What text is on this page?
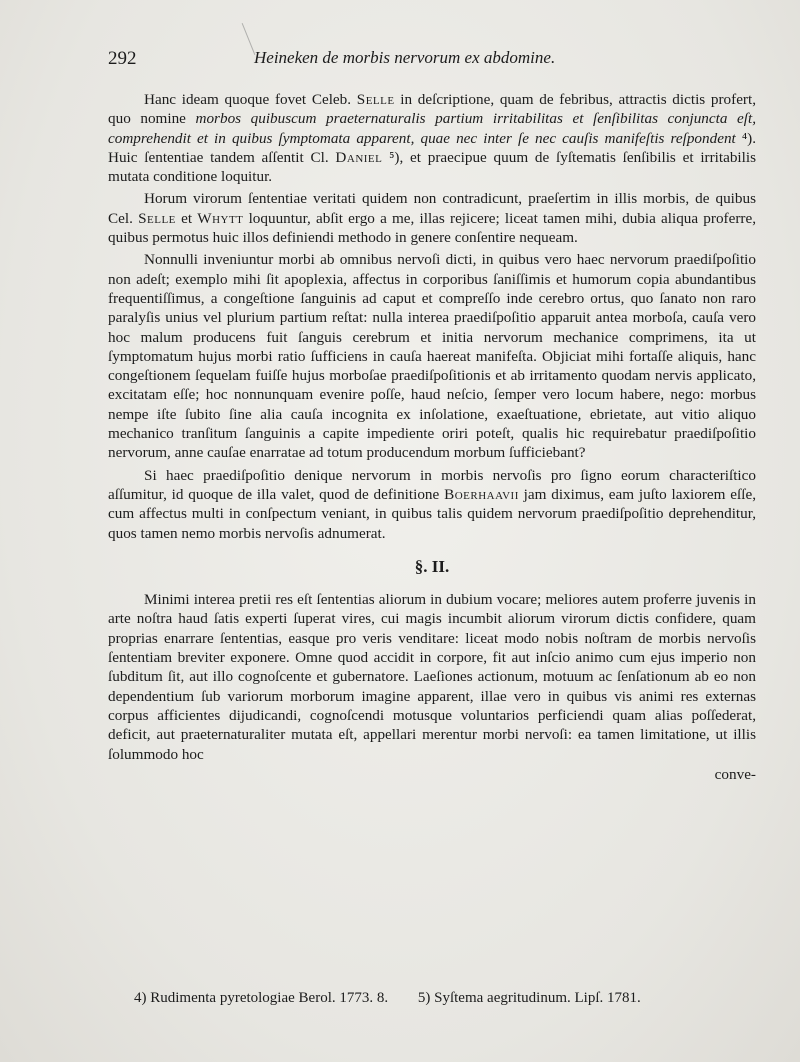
292	Heineken de morbis nervorum ex abdomine.

Hanc ideam quoque fovet Celeb. Selle in deſcriptione, quam de febribus, attractis dictis profert, quo nomine morbos quibuscum praeternaturalis partium irritabilitas et ſenſibilitas conjuncta eſt, comprehendit et in quibus ſymptomata apparent, quae nec inter ſe nec cauſis manifeſtis reſpondent ⁴). Huic ſententiae tandem aſſentit Cl. Daniel ⁵), et praecipue quum de ſyſtematis ſenſibilis et irritabilis mutata conditione loquitur.

Horum virorum ſententiae veritati quidem non contradicunt, praeſertim in illis morbis, de quibus Cel. Selle et Whytt loquuntur, abſit ergo a me, illas rejicere; liceat tamen mihi, dubia aliqua proferre, quibus permotus huic illos definiendi methodo in genere conſentire nequeam.

Nonnulli inveniuntur morbi ab omnibus nervoſi dicti, in quibus vero haec nervorum praediſpoſitio non adeſt; exemplo mihi ſit apoplexia, affectus in corporibus ſaniſſimis et humorum copia abundantibus frequentiſſimus, a congeſtione ſanguinis ad caput et compreſſo inde cerebro ortus, quo ſanato non raro paralyſis unius vel plurium partium reſtat: nulla interea praediſpoſitio apparuit antea morboſa, cauſa vero hoc malum producens fuit ſanguis cerebrum et initia nervorum mechanice comprimens, ita ut ſymptomatum hujus morbi ratio ſufficiens in cauſa haereat manifeſta. Objiciat mihi fortaſſe aliquis, hanc congeſtionem ſequelam fuiſſe hujus morboſae praediſpoſitionis et ab irritamento quodam nervis applicato, excitatam eſſe; hoc nonnunquam evenire poſſe, haud neſcio, ſemper vero locum habere, nego: morbus nempe iſte ſubito ſine alia cauſa incognita ex inſolatione, exaeſtuatione, ebrietate, aut vitio aliquo mechanico tranſitum ſanguinis a capite impediente oriri poteſt, qualis hic requirebatur praediſpoſitio nervorum, anne cauſae enarratae ad totum producendum morbum ſufficiebant?

Si haec praediſpoſitio denique nervorum in morbis nervoſis pro ſigno eorum characteriſtico aſſumitur, id quoque de illa valet, quod de definitione Boerhaavii jam diximus, eam juſto laxiorem eſſe, cum affectus multi in conſpectum veniant, in quibus talis quidem nervorum praediſpoſitio deprehenditur, quos tamen nemo morbis nervoſis adnumerat.

§. II.

Minimi interea pretii res eſt ſententias aliorum in dubium vocare; meliores autem proferre juvenis in arte noſtra haud ſatis experti ſuperat vires, cui magis incumbit aliorum virorum dictis confidere, quam proprias enarrare ſententias, easque pro veris venditare: liceat modo nobis noſtram de morbis nervoſis ſententiam breviter exponere. Omne quod accidit in corpore, fit aut inſcio animo cum ejus imperio non ſubditum ſit, aut illo cognoſcente et gubernatore. Laeſiones actionum, motuum ac ſenſationum ab eo non dependentium ſub variorum morborum imagine apparent, illae vero in quibus vis animi res externas corpus afficientes dijudicandi, cognoſcendi motusque voluntarios perficiendi quam alias poſſederat, deficit, aut praeternaturaliter mutata eſt, appellari merentur morbi nervoſi: ea tamen limitatione, ut illis ſolummodo hoc

conve-
4) Rudimenta pyretologiae Berol. 1773. 8. 5) Syſtema aegritudinum. Lipſ. 1781.
